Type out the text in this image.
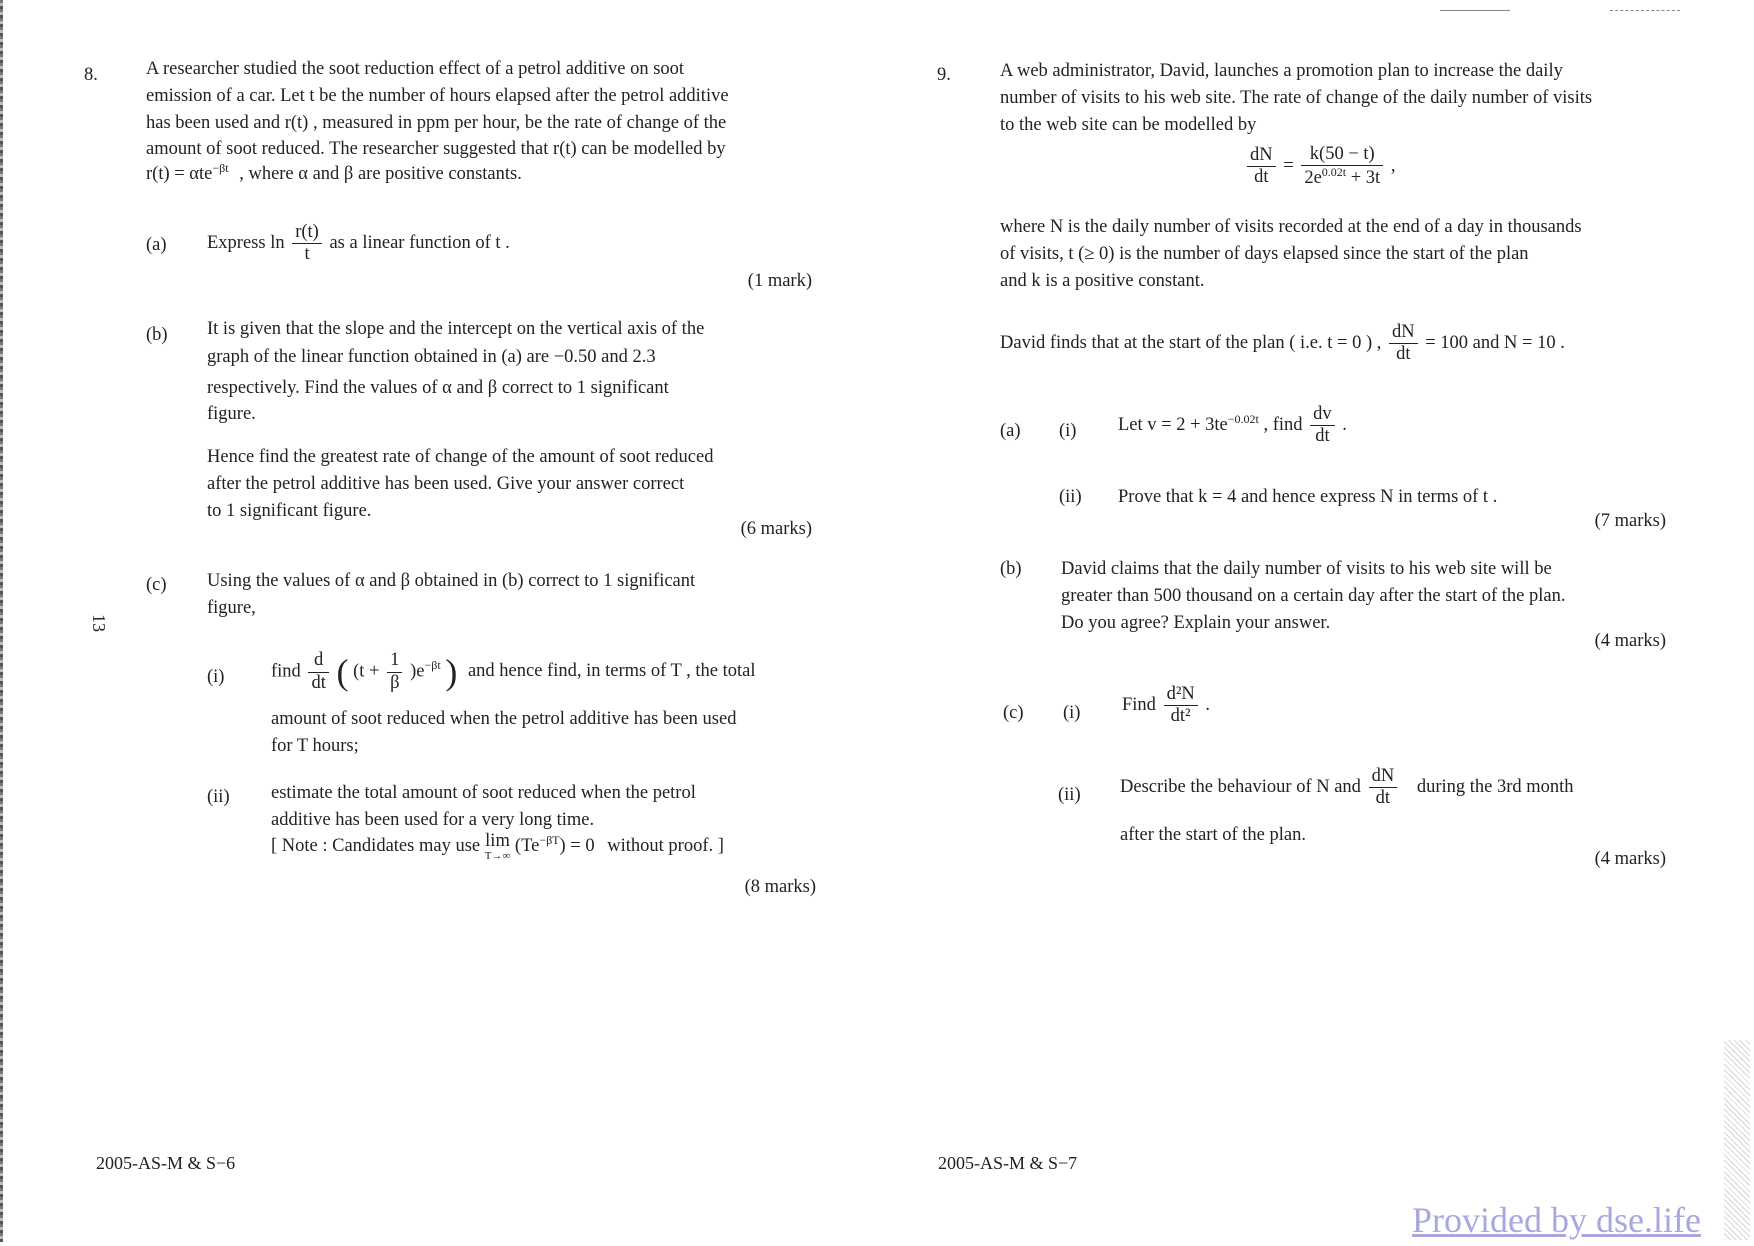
8.	A researcher studied the soot reduction effect of a petrol additive on soot
emission of a car. Let t be the number of hours elapsed after the petrol additive
has been used and r(t) , measured in ppm per hour, be the rate of change of the
amount of soot reduced. The researcher suggested that r(t) can be modelled by
r(t) = αte$^{-\beta t}$ , where α and β are positive constants.
(a) Express $\ln \frac{r(t)}{t}$ as a linear function of t .
(1 mark)
(b) It is given that the slope and the intercept on the vertical axis of the
graph of the linear function obtained in (a) are −0.50 and 2.3
respectively. Find the values of α and β correct to 1 significant
figure.
Hence find the greatest rate of change of the amount of soot reduced
after the petrol additive has been used. Give your answer correct
to 1 significant figure.
(6 marks)
(c) Using the values of α and β obtained in (b) correct to 1 significant
figure,
(i)	find $\frac{d}{dt}$ ( $(t + \frac{1}{\beta} )e^{-\beta t}$ ) and hence find, in terms of T , the total
amount of soot reduced when the petrol additive has been used
for T hours;
(ii) estimate the total amount of soot reduced when the petrol
additive has been used for a very long time.
[ Note : Candidates may use lim
T→∞ $(Te^{-\beta T}) = 0$ without proof. ]
(8 marks)
13
2005-AS-M & S−6
9.	A web administrator, David, launches a promotion plan to increase the daily
number of visits to his web site. The rate of change of the daily number of visits
to the web site can be modelled by
$\frac{dN}{dt} = \frac{k(50 - t)}{2e^{0.02t} + 3t}$ ,
where N is the daily number of visits recorded at the end of a day in thousands
of visits, t (≥ 0) is the number of days elapsed since the start of the plan
and k is a positive constant.
David finds that at the start of the plan ( i.e. t = 0 ) , $\frac{dN}{dt} = 100$ and N = 10 .
(a) (i) Let $v = 2 + 3te^{-0.02t}$ , find $\frac{dv}{dt}$ .
(ii) Prove that k = 4 and hence express N in terms of t .
(7 marks)
(b) David claims that the daily number of visits to his web site will be
greater than 500 thousand on a certain day after the start of the plan.
Do you agree? Explain your answer.
(4 marks)
(c) (i) Find $\frac{\text{d²N}}{\text{dt²}}$ .
(ii) Describe the behaviour of N and $\frac{dN}{dt}$ during the 3rd month
after the start of the plan.
(4 marks)
2005-AS-M & S−7
Provided by dse.life
